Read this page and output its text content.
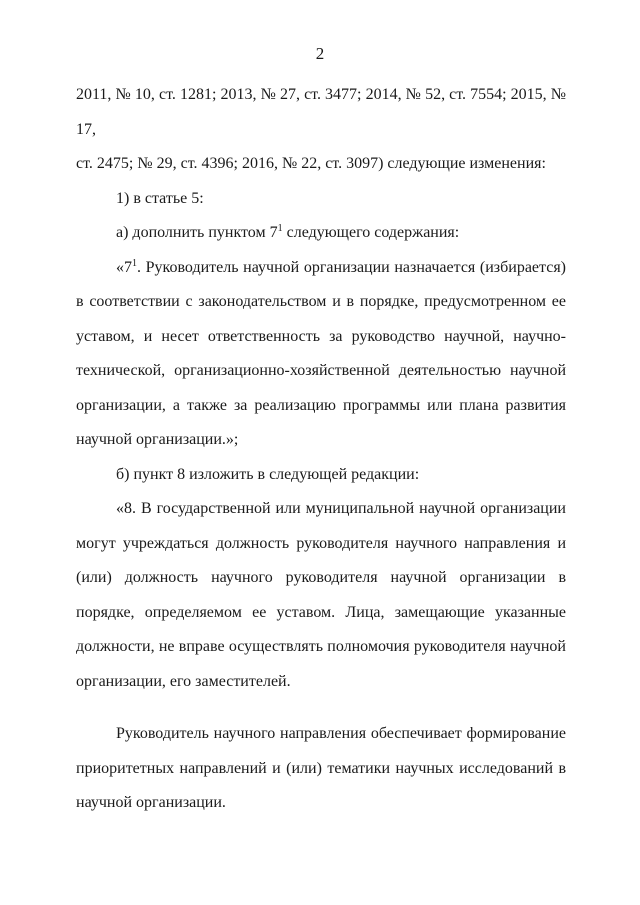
2

2011, № 10, ст. 1281; 2013, № 27, ст. 3477; 2014, № 52, ст. 7554; 2015, № 17,

ст. 2475; № 29, ст. 4396; 2016, № 22, ст. 3097) следующие изменения:

1) в статье 5:

а) дополнить пунктом $7^1$ следующего содержания:

«$7^1$. Руководитель научной организации назначается (избирается) в соответствии с законодательством и в порядке, предусмотренном ее уставом, и несет ответственность за руководство научной, научно-технической, организационно-хозяйственной деятельностью научной организации, а также за реализацию программы или плана развития научной организации.»;

б) пункт 8 изложить в следующей редакции:

«8. В государственной или муниципальной научной организации могут учреждаться должность руководителя научного направления и (или) должность научного руководителя научной организации в порядке, определяемом ее уставом. Лица, замещающие указанные должности, не вправе осуществлять полномочия руководителя научной организации, его заместителей.

Руководитель научного направления обеспечивает формирование приоритетных направлений и (или) тематики научных исследований в научной организации.
